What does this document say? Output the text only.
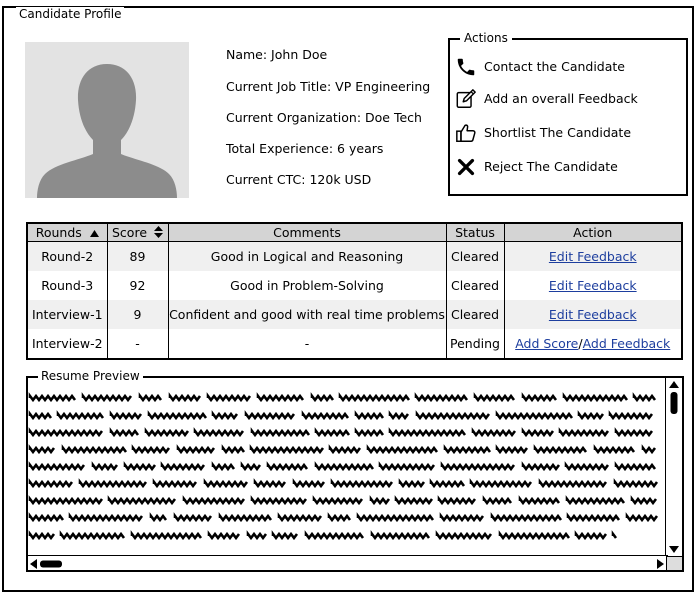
Candidate Profile
Name: John Doe
Current Job Title: VP Engineering
Current Organization: Doe Tech
Total Experience: 6 years
Current CTC: 120k USD
Actions
Contact the Candidate
Add an overall Feedback
Shortlist The Candidate
Reject The Candidate
Rounds	Score	Comments	Status	Action
Round-2	89	Good in Logical and Reasoning	Cleared	Edit Feedback
Round-3	92	Good in Problem-Solving	Cleared	Edit Feedback
Interview-1	9	Confident and good with real time problems	Cleared	Edit Feedback
Interview-2	-	-	Pending	Add Score/Add Feedback
Resume Preview
